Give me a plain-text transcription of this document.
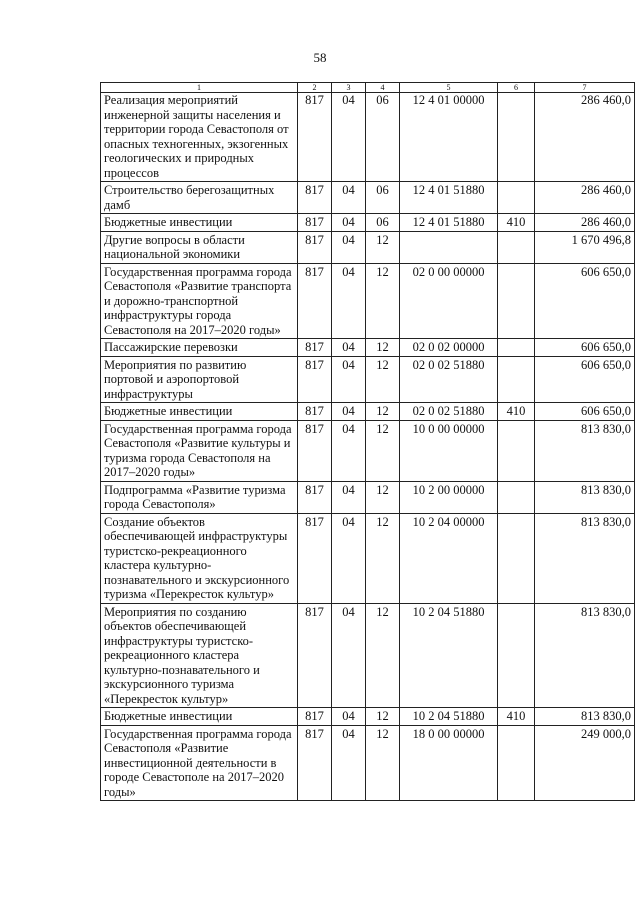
58
1	2	3	4	5	6	7
Реализация мероприятий инженерной защиты населения и территории города Севастополя от опасных техногенных, экзогенных геологических и природных процессов	817	04	06	12 4 01 00000		286 460,0
Строительство берегозащитных дамб	817	04	06	12 4 01 51880		286 460,0
Бюджетные инвестиции	817	04	06	12 4 01 51880	410	286 460,0
Другие вопросы в области национальной экономики	817	04	12			1 670 496,8
Государственная программа города Севастополя «Развитие транспорта и дорожно-транспортной инфраструктуры города Севастополя на 2017–2020 годы»	817	04	12	02 0 00 00000		606 650,0
Пассажирские перевозки	817	04	12	02 0 02 00000		606 650,0
Мероприятия по развитию портовой и аэропортовой инфраструктуры	817	04	12	02 0 02 51880		606 650,0
Бюджетные инвестиции	817	04	12	02 0 02 51880	410	606 650,0
Государственная программа города Севастополя «Развитие культуры и туризма города Севастополя на 2017–2020 годы»	817	04	12	10 0 00 00000		813 830,0
Подпрограмма «Развитие туризма города Севастополя»	817	04	12	10 2 00 00000		813 830,0
Создание объектов обеспечивающей инфраструктуры туристско-рекреационного кластера культурно-познавательного и экскурсионного туризма «Перекресток культур»	817	04	12	10 2 04 00000		813 830,0
Мероприятия по созданию объектов обеспечивающей инфраструктуры туристско-рекреационного кластера культурно-познавательного и экскурсионного туризма «Перекресток культур»	817	04	12	10 2 04 51880		813 830,0
Бюджетные инвестиции	817	04	12	10 2 04 51880	410	813 830,0
Государственная программа города Севастополя «Развитие инвестиционной деятельности в городе Севастополе на 2017–2020 годы»	817	04	12	18 0 00 00000		249 000,0
